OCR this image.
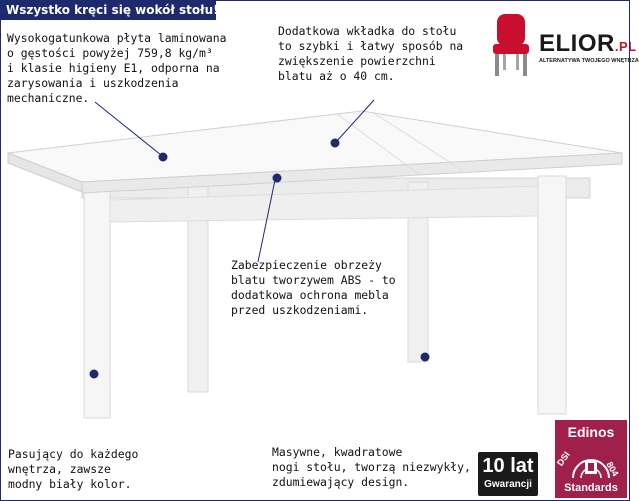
Wszystko kręci się wokół stołu!
Wysokogatunkowa płyta laminowana
o gęstości powyżej 759,8 kg/m³
i klasie higieny E1, odporna na
zarysowania i uszkodzenia
mechaniczne.
Dodatkowa wkładka do stołu
to szybki i łatwy sposób na
zwiększenie powierzchni
blatu aż o 40 cm.
Zabezpieczenie obrzeży
blatu tworzywem ABS - to
dodatkowa ochrona mebla
przed uszkodzeniami.
Pasujący do każdego
wnętrza, zawsze
modny biały kolor.
Masywne, kwadratowe
nogi stołu, tworzą niezwykły,
zdumiewający design.
ELIOR.PL
ALTERNATYWA TWOJEGO WNĘTRZA
10 lat
Gwarancji
Edinos
DSI
804
Standards
